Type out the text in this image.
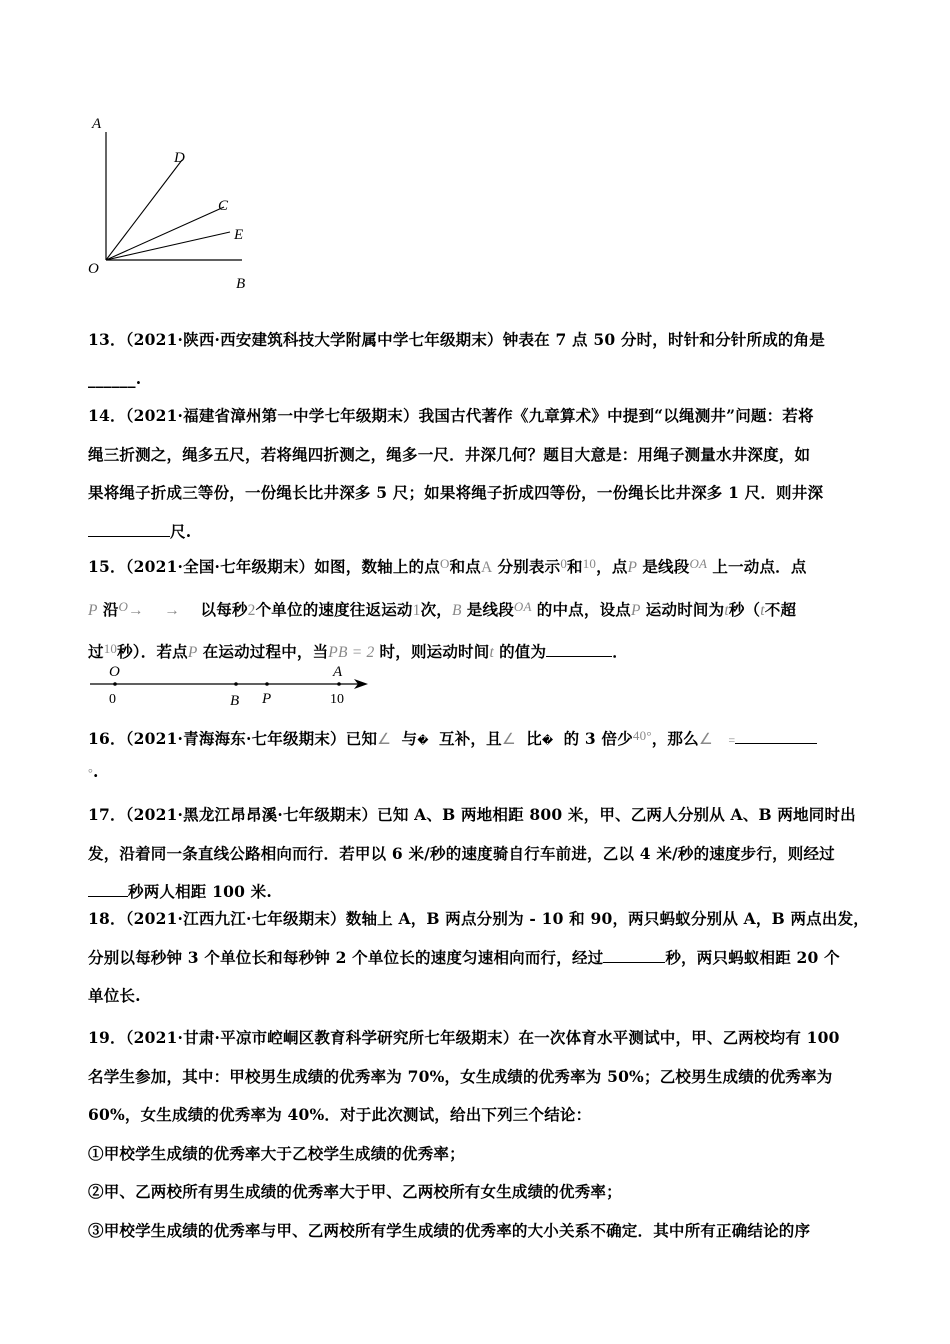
A
D
C
E
O
B
13．（2021·陕西·西安建筑科技大学附属中学七年级期末）钟表在 7 点 50 分时，时针和分针所成的角是
______.
14．（2021·福建省漳州第一中学七年级期末）我国古代著作《九章算术》中提到“以绳测井”问题：若将
绳三折测之，绳多五尺，若将绳四折测之，绳多一尺．井深几何？题目大意是：用绳子测量水井深度，如
果将绳子折成三等份，一份绳长比井深多 5 尺；如果将绳子折成四等份，一份绳长比井深多 1 尺．则井深
尺.
15．（2021·全国·七年级期末）如图，数轴上的点$^O$和点A 分别表示$^0$和$^{10}$，点P 是线段$^{OA}$ 上一动点．点
P 沿$^O$→ → 以每秒2个单位的速度往返运动1次，B 是线段$^{OA}$ 的中点，设点P 运动时间为t秒（t不超
过$^{10}$秒）．若点P 在运动过程中，当PB = 2 时，则运动时间t 的值为	．
O
0	B P
A
10
16．（2021·青海海东·七年级期末）已知∠ 与� 互补，且∠ 比� 的 3 倍少$^{40^\circ}$，那么∠ =
°.
17．（2021·黑龙江昂昂溪·七年级期末）已知 A、B 两地相距 800 米，甲、乙两人分别从 A、B 两地同时出
发，沿着同一条直线公路相向而行．若甲以 6 米/秒的速度骑自行车前进，乙以 4 米/秒的速度步行，则经过
秒两人相距 100 米.
18．（2021·江西九江·七年级期末）数轴上 A，B 两点分别为 - 10 和 90，两只蚂蚁分别从 A，B 两点出发，
分别以每秒钟 3 个单位长和每秒钟 2 个单位长的速度匀速相向而行，经过	秒，两只蚂蚁相距 20 个
单位长.
19．（2021·甘肃·平凉市崆峒区教育科学研究所七年级期末）在一次体育水平测试中，甲、乙两校均有 100
名学生参加，其中：甲校男生成绩的优秀率为 70%，女生成绩的优秀率为 50%；乙校男生成绩的优秀率为
60%，女生成绩的优秀率为 40%．对于此次测试，给出下列三个结论：
①甲校学生成绩的优秀率大于乙校学生成绩的优秀率；
②甲、乙两校所有男生成绩的优秀率大于甲、乙两校所有女生成绩的优秀率；
③甲校学生成绩的优秀率与甲、乙两校所有学生成绩的优秀率的大小关系不确定．其中所有正确结论的序
